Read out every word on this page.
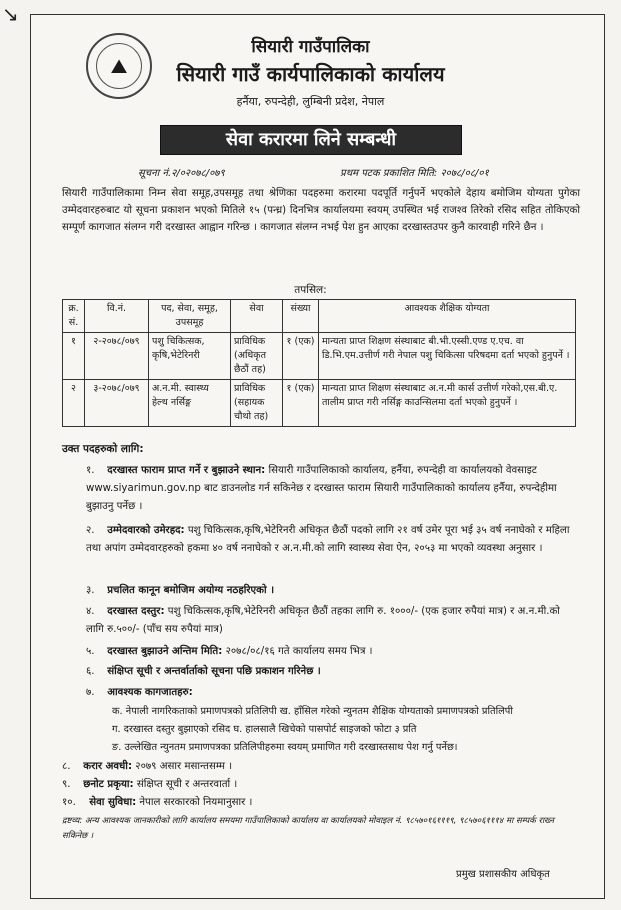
↘
⛰
सियारी गाउँपालिका
सियारी गाउँ कार्यपालिकाको कार्यालय
हर्नैया, रुपन्देही, लुम्बिनी प्रदेश, नेपाल
सेवा करारमा लिने सम्बन्धी
सूचना नं.२/०२०७८/०७९	प्रथम पटक प्रकाशित मिति: २०७८/०८/०१
सियारी गाउँपालिकामा निम्न सेवा समूह,उपसमूह तथा श्रेणिका पदहरुमा करारमा पदपूर्ति गर्नुपर्ने भएकोले देहाय बमोजिम योग्यता पुगेका उम्मेदवारहरुबाट यो सूचना प्रकाशन भएको मितिले १५ (पन्ध्र) दिनभित्र कार्यालयमा स्वयम् उपस्थित भई राजश्व तिरेको रसिद सहित तोकिएको सम्पूर्ण कागजात संलग्न गरी दरखास्त आह्वान गरिन्छ । कागजात संलग्न नभई पेश हुन आएका दरखास्तउपर कुनै कारवाही गरिने छैन ।
तपसिल:
क्र. सं.	वि.नं.	पद, सेवा, समूह, उपसमूह	सेवा	संख्या	आवश्यक शैक्षिक योग्यता
१	२-२०७८/०७९	पशु चिकित्सक, कृषि,भेटेरिनरी	प्राविधिक (अधिकृत छैठौं तह)	१ (एक)	मान्यता प्राप्त शिक्षण संस्थाबाट बी.भी.एस्सी.एण्ड ए.एच. वा डि.भि.एम.उत्तीर्ण गरी नेपाल पशु चिकित्सा परिषदमा दर्ता भएको हुनुपर्ने ।
२	३-२०७८/०७९	अ.न.मी. स्वास्थ्य हेल्थ नर्सिङ्ग	प्राविधिक (सहायक चौथो तह)	१ (एक)	मान्यता प्राप्त शिक्षण संस्थाबाट अ.न.मी कार्स उत्तीर्ण गरेको,एस.बी.ए. तालीम प्राप्त गरी नर्सिङ्ग काउन्सिलमा दर्ता भएको हुनुपर्ने ।
उक्त पदहरुको लागि:
१. दरखास्त फाराम प्राप्त गर्ने र बुझाउने स्थान: सियारी गाउँपालिकाको कार्यालय, हर्नैया, रुपन्देही वा कार्यालयको वेवसाइट www.siyarimun.gov.np बाट डाउनलोड गर्न सकिनेछ र दरखास्त फाराम सियारी गाउँपालिकाको कार्यालय हर्नैया, रुपन्देहीमा बुझाउनु पर्नेछ ।
२. उम्मेदवारको उमेरहद: पशु चिकित्सक,कृषि,भेटेरिनरी अधिकृत छैठौं पदको लागि २१ वर्ष उमेर पूरा भई ३५ वर्ष ननाघेको र महिला तथा अपांग उम्मेदवारहरुको हकमा ४० वर्ष ननाघेको र अ.न.मी.को लागि स्वास्थ्य सेवा ऐन, २०५३ मा भएको व्यवस्था अनुसार ।
३. प्रचलित कानून बमोजिम अयोग्य नठहरिएको ।
४. दरखास्त दस्तुर: पशु चिकित्सक,कृषि,भेटेरिनरी अधिकृत छैठौं तहका लागि रु. १०००/- (एक हजार रुपैयां मात्र) र अ.न.मी.को लागि रु.५००/- (पाँच सय रुपैयां मात्र)
५. दरखास्त बुझाउने अन्तिम मिति: २०७८/०८/१६ गते कार्यालय समय भित्र ।
६. संक्षिप्त सूची र अन्तर्वार्ताको सूचना पछि प्रकाशन गरिनेछ ।
७. आवश्यक कागजातहरु:
क. नेपाली नागरिकताको प्रमाणपत्रको प्रतिलिपी ख. हाँसिल गरेको न्युनतम शैक्षिक योग्यताको प्रमाणपत्रको प्रतिलिपी
ग. दरखास्त दस्तुर बुझाएको रसिद घ. हालसालै खिचेको पासपोर्ट साइजको फोटा ३ प्रति
ङ. उल्लेखित न्युनतम प्रमाणपत्रका प्रतिलिपीहरुमा स्वयम् प्रमाणित गरी दरखास्तसाथ पेश गर्नु पर्नेछ।
८. करार अवधी: २०७९ असार मसान्तसम्म ।
९. छनोट प्रकृया: संक्षिप्त सूची र अन्तरवार्ता ।
१०. सेवा सुविधा: नेपाल सरकारको नियमानुसार ।
द्रष्टव्य: अन्य आवश्यक जानकारीको लागि कार्यालय समयमा गाउँपालिकाको कार्यालय वा कार्यालयको मोवाइल नं. ९८५७०१६१११९, ९८५७०६१११४ मा सम्पर्क राख्न सकिनेछ ।
प्रमुख प्रशासकीय अधिकृत
